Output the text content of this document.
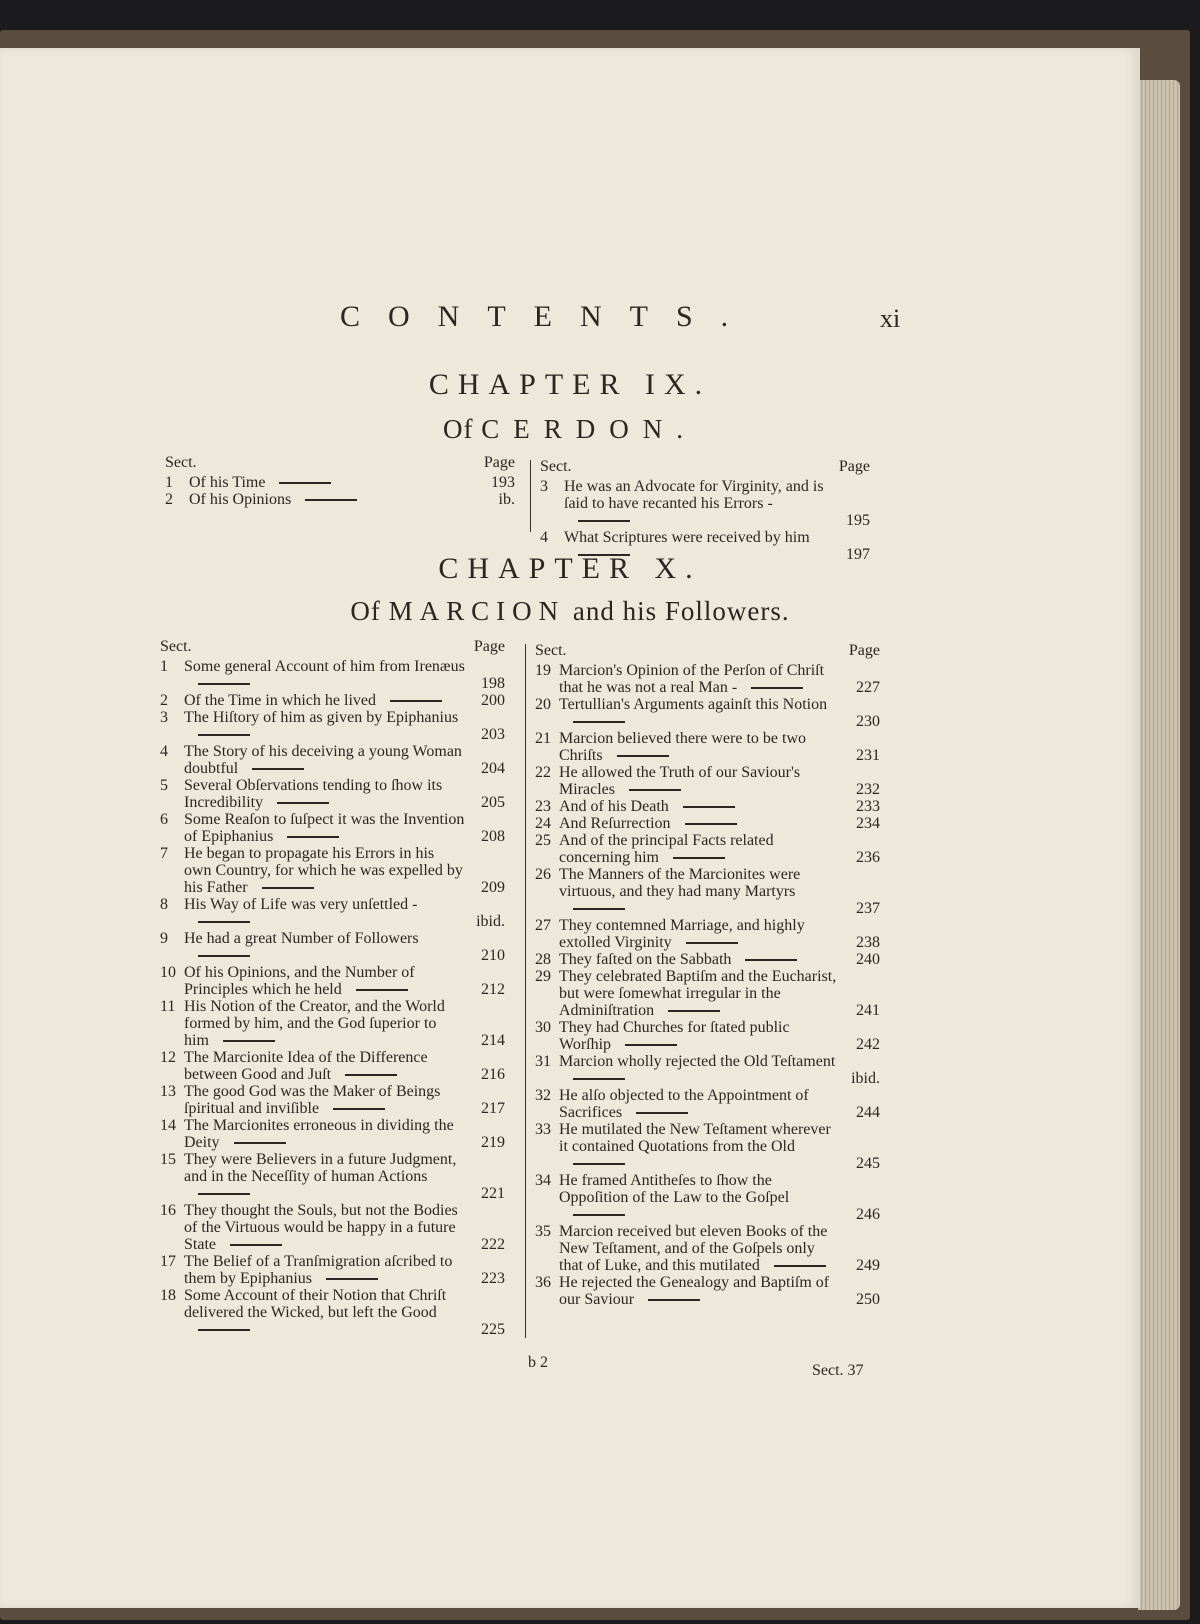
CONTENTS.	xi
CHAPTER IX.
Of CERDON.
Sect.	Page
1	Of his Time	193
2	Of his Opinions	ib.
Sect.	Page
3	He was an Advocate for Virginity, and is ſaid to have recanted his Errors -
195
4	What Scriptures were received by him
197
CHAPTER X.
Of MARCION and his Followers.
Sect.	Page
1	Some general Account of him from Irenæus
198
2	Of the Time in which he lived	200
3	The Hiſtory of him as given by Epiphanius
203
4	The Story of his deceiving a young Woman doubtful	204
5	Several Obſervations tending to ſhow its Incredibility	205
6	Some Reaſon to ſuſpect it was the Invention of Epiphanius	208
7	He began to propagate his Errors in his own Country, for which he was expelled by his Father	209
8	His Way of Life was very unſettled -
ibid.
9	He had a great Number of Followers
210
10 Of his Opinions, and the Number of Principles which he held	212
11 His Notion of the Creator, and the World formed by him, and the God ſuperior to him	214
12 The Marcionite Idea of the Difference between Good and Juſt	216
13 The good God was the Maker of Beings ſpiritual and inviſible	217
14 The Marcionites erroneous in dividing the Deity	219
15 They were Believers in a future Judgment, and in the Neceſſity of human Actions
221
16 They thought the Souls, but not the Bodies of the Virtuous would be happy in a future State	222
17 The Belief of a Tranſmigration aſcribed to them by Epiphanius	223
18 Some Account of their Notion that Chriſt delivered the Wicked, but left the Good
225
Sect.	Page
19 Marcion's Opinion of the Perſon of Chriſt that he was not a real Man -	227
20 Tertullian's Arguments againſt this Notion
230
21 Marcion believed there were to be two Chriſts	231
22 He allowed the Truth of our Saviour's Miracles	232
23 And of his Death	233
24 And Reſurrection	234
25 And of the principal Facts related concerning him	236
26 The Manners of the Marcionites were virtuous, and they had many Martyrs
237
27 They contemned Marriage, and highly extolled Virginity	238
28 They faſted on the Sabbath	240
29 They celebrated Baptiſm and the Eucharist, but were ſomewhat irregular in the Adminiſtration	241
30 They had Churches for ſtated public Worſhip	242
31 Marcion wholly rejected the Old Teſtament
ibid.
32 He alſo objected to the Appointment of Sacrifices	244
33 He mutilated the New Teſtament wherever it contained Quotations from the Old
245
34 He framed Antitheſes to ſhow the Oppoſition of the Law to the Goſpel
246
35 Marcion received but eleven Books of the New Teſtament, and of the Goſpels only that of Luke, and this mutilated	249
36 He rejected the Genealogy and Baptiſm of our Saviour	250
b 2	Sect. 37
